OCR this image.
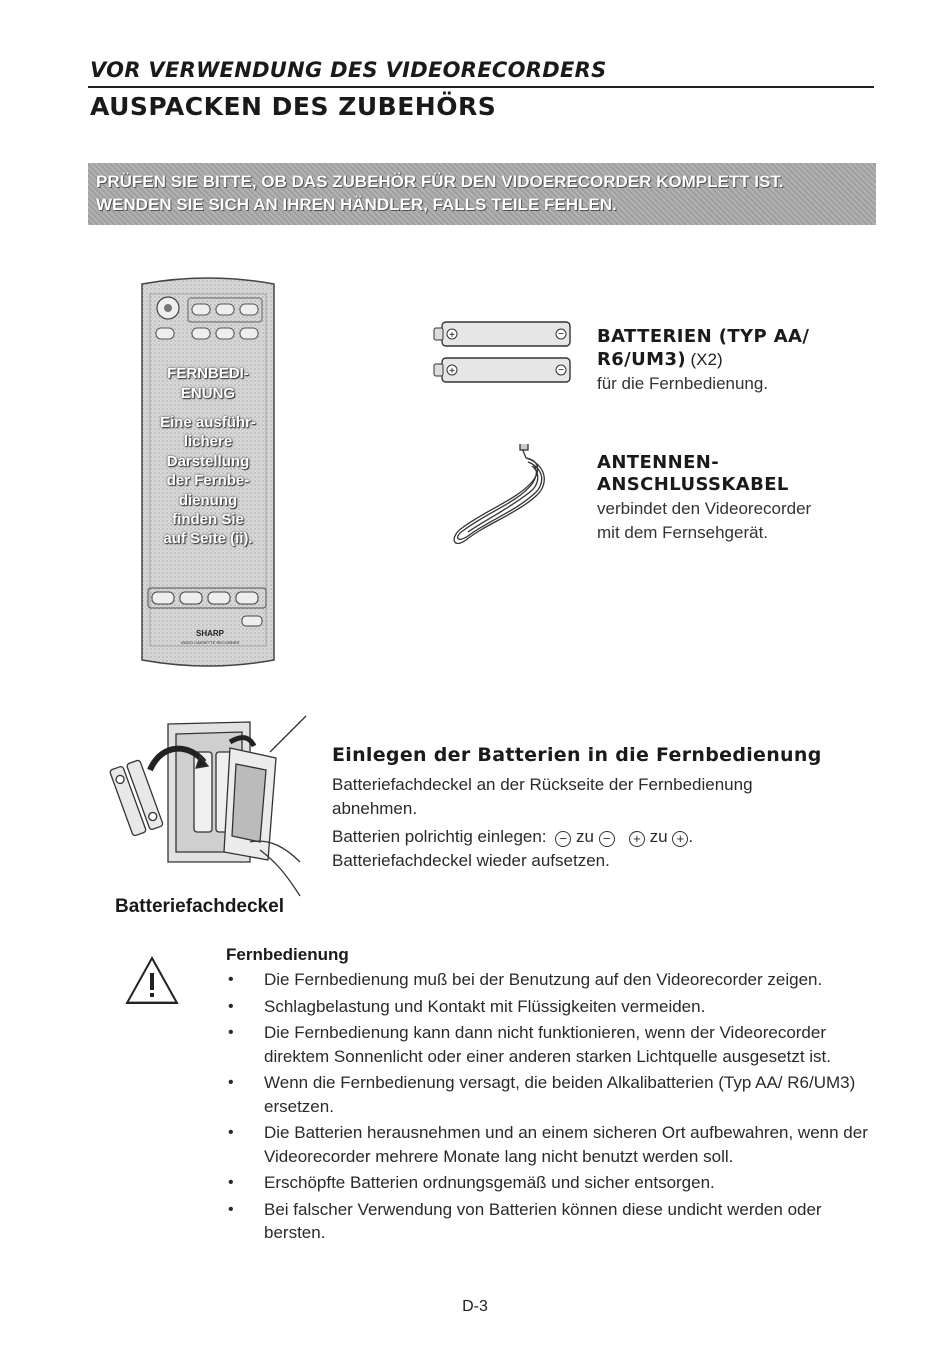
VOR VERWENDUNG DES VIDEORECORDERS
AUSPACKEN DES ZUBEHÖRS
PRÜFEN SIE BITTE, OB DAS ZUBEHÖR FÜR DEN VIDOERECORDER KOMPLETT IST.
WENDEN SIE SICH AN IHREN HÄNDLER, FALLS TEILE FEHLEN.
SHARP
VIDEO CASSETTE RECORDER
FERNBEDI-
ENUNG
Eine ausführ-
lichere
Darstellung
der Fernbe-
dienung
finden Sie
auf Seite (ii).
+	−
+	−
BATTERIEN (TYP AA/
R6/UM3) (X2)
für die Fernbedienung.
ANTENNEN-
ANSCHLUSSKABEL
verbindet den Videorecorder
mit dem Fernsehgerät.
Einlegen der Batterien in die Fernbedienung
Batteriefachdeckel an der Rückseite der Fernbedienung
abnehmen.
Batterien polrichtig einlegen: − zu − + zu + .
Batteriefachdeckel wieder aufsetzen.
Batteriefachdeckel
Fernbedienung
• Die Fernbedienung muß bei der Benutzung auf den Videorecorder zeigen.
• Schlagbelastung und Kontakt mit Flüssigkeiten vermeiden.
• Die Fernbedienung kann dann nicht funktionieren, wenn der Videorecorder direktem Sonnenlicht oder einer anderen starken Lichtquelle ausgesetzt ist.
• Wenn die Fernbedienung versagt, die beiden Alkalibatterien (Typ AA/ R6/UM3) ersetzen.
• Die Batterien herausnehmen und an einem sicheren Ort aufbewahren, wenn der Videorecorder mehrere Monate lang nicht benutzt werden soll.
• Erschöpfte Batterien ordnungsgemäß und sicher entsorgen.
• Bei falscher Verwendung von Batterien können diese undicht werden oder bersten.
D-3
